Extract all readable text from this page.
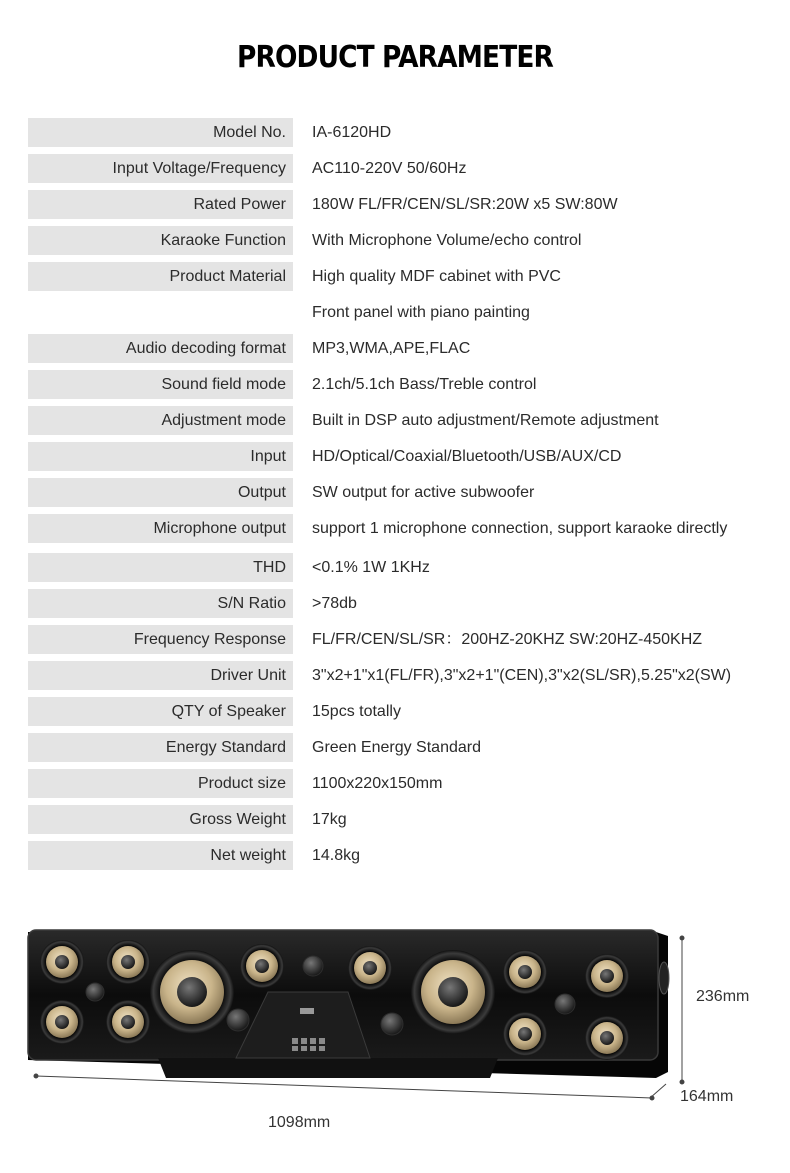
PRODUCT PARAMETER
Model No.	IA-6120HD
Input Voltage/Frequency	AC110-220V 50/60Hz
Rated Power	180W FL/FR/CEN/SL/SR:20W x5 SW:80W
Karaoke Function	With Microphone Volume/echo control
Product Material	High quality MDF cabinet with PVC
Front panel with piano painting
Audio decoding format	MP3,WMA,APE,FLAC
Sound field mode	2.1ch/5.1ch Bass/Treble control
Adjustment mode	Built in DSP auto adjustment/Remote adjustment
Input	HD/Optical/Coaxial/Bluetooth/USB/AUX/CD
Output	SW output for active subwoofer
Microphone output	support 1 microphone connection, support karaoke directly
THD	<0.1% 1W 1KHz
S/N Ratio	>78db
Frequency Response	FL/FR/CEN/SL/SR：200HZ-20KHZ SW:20HZ-450KHZ
Driver Unit	3"x2+1"x1(FL/FR),3"x2+1"(CEN),3"x2(SL/SR),5.25"x2(SW)
QTY of Speaker	15pcs totally
Energy Standard	Green Energy Standard
Product size	1100x220x150mm
Gross Weight	17kg
Net weight	14.8kg
236mm
164mm
1098mm
